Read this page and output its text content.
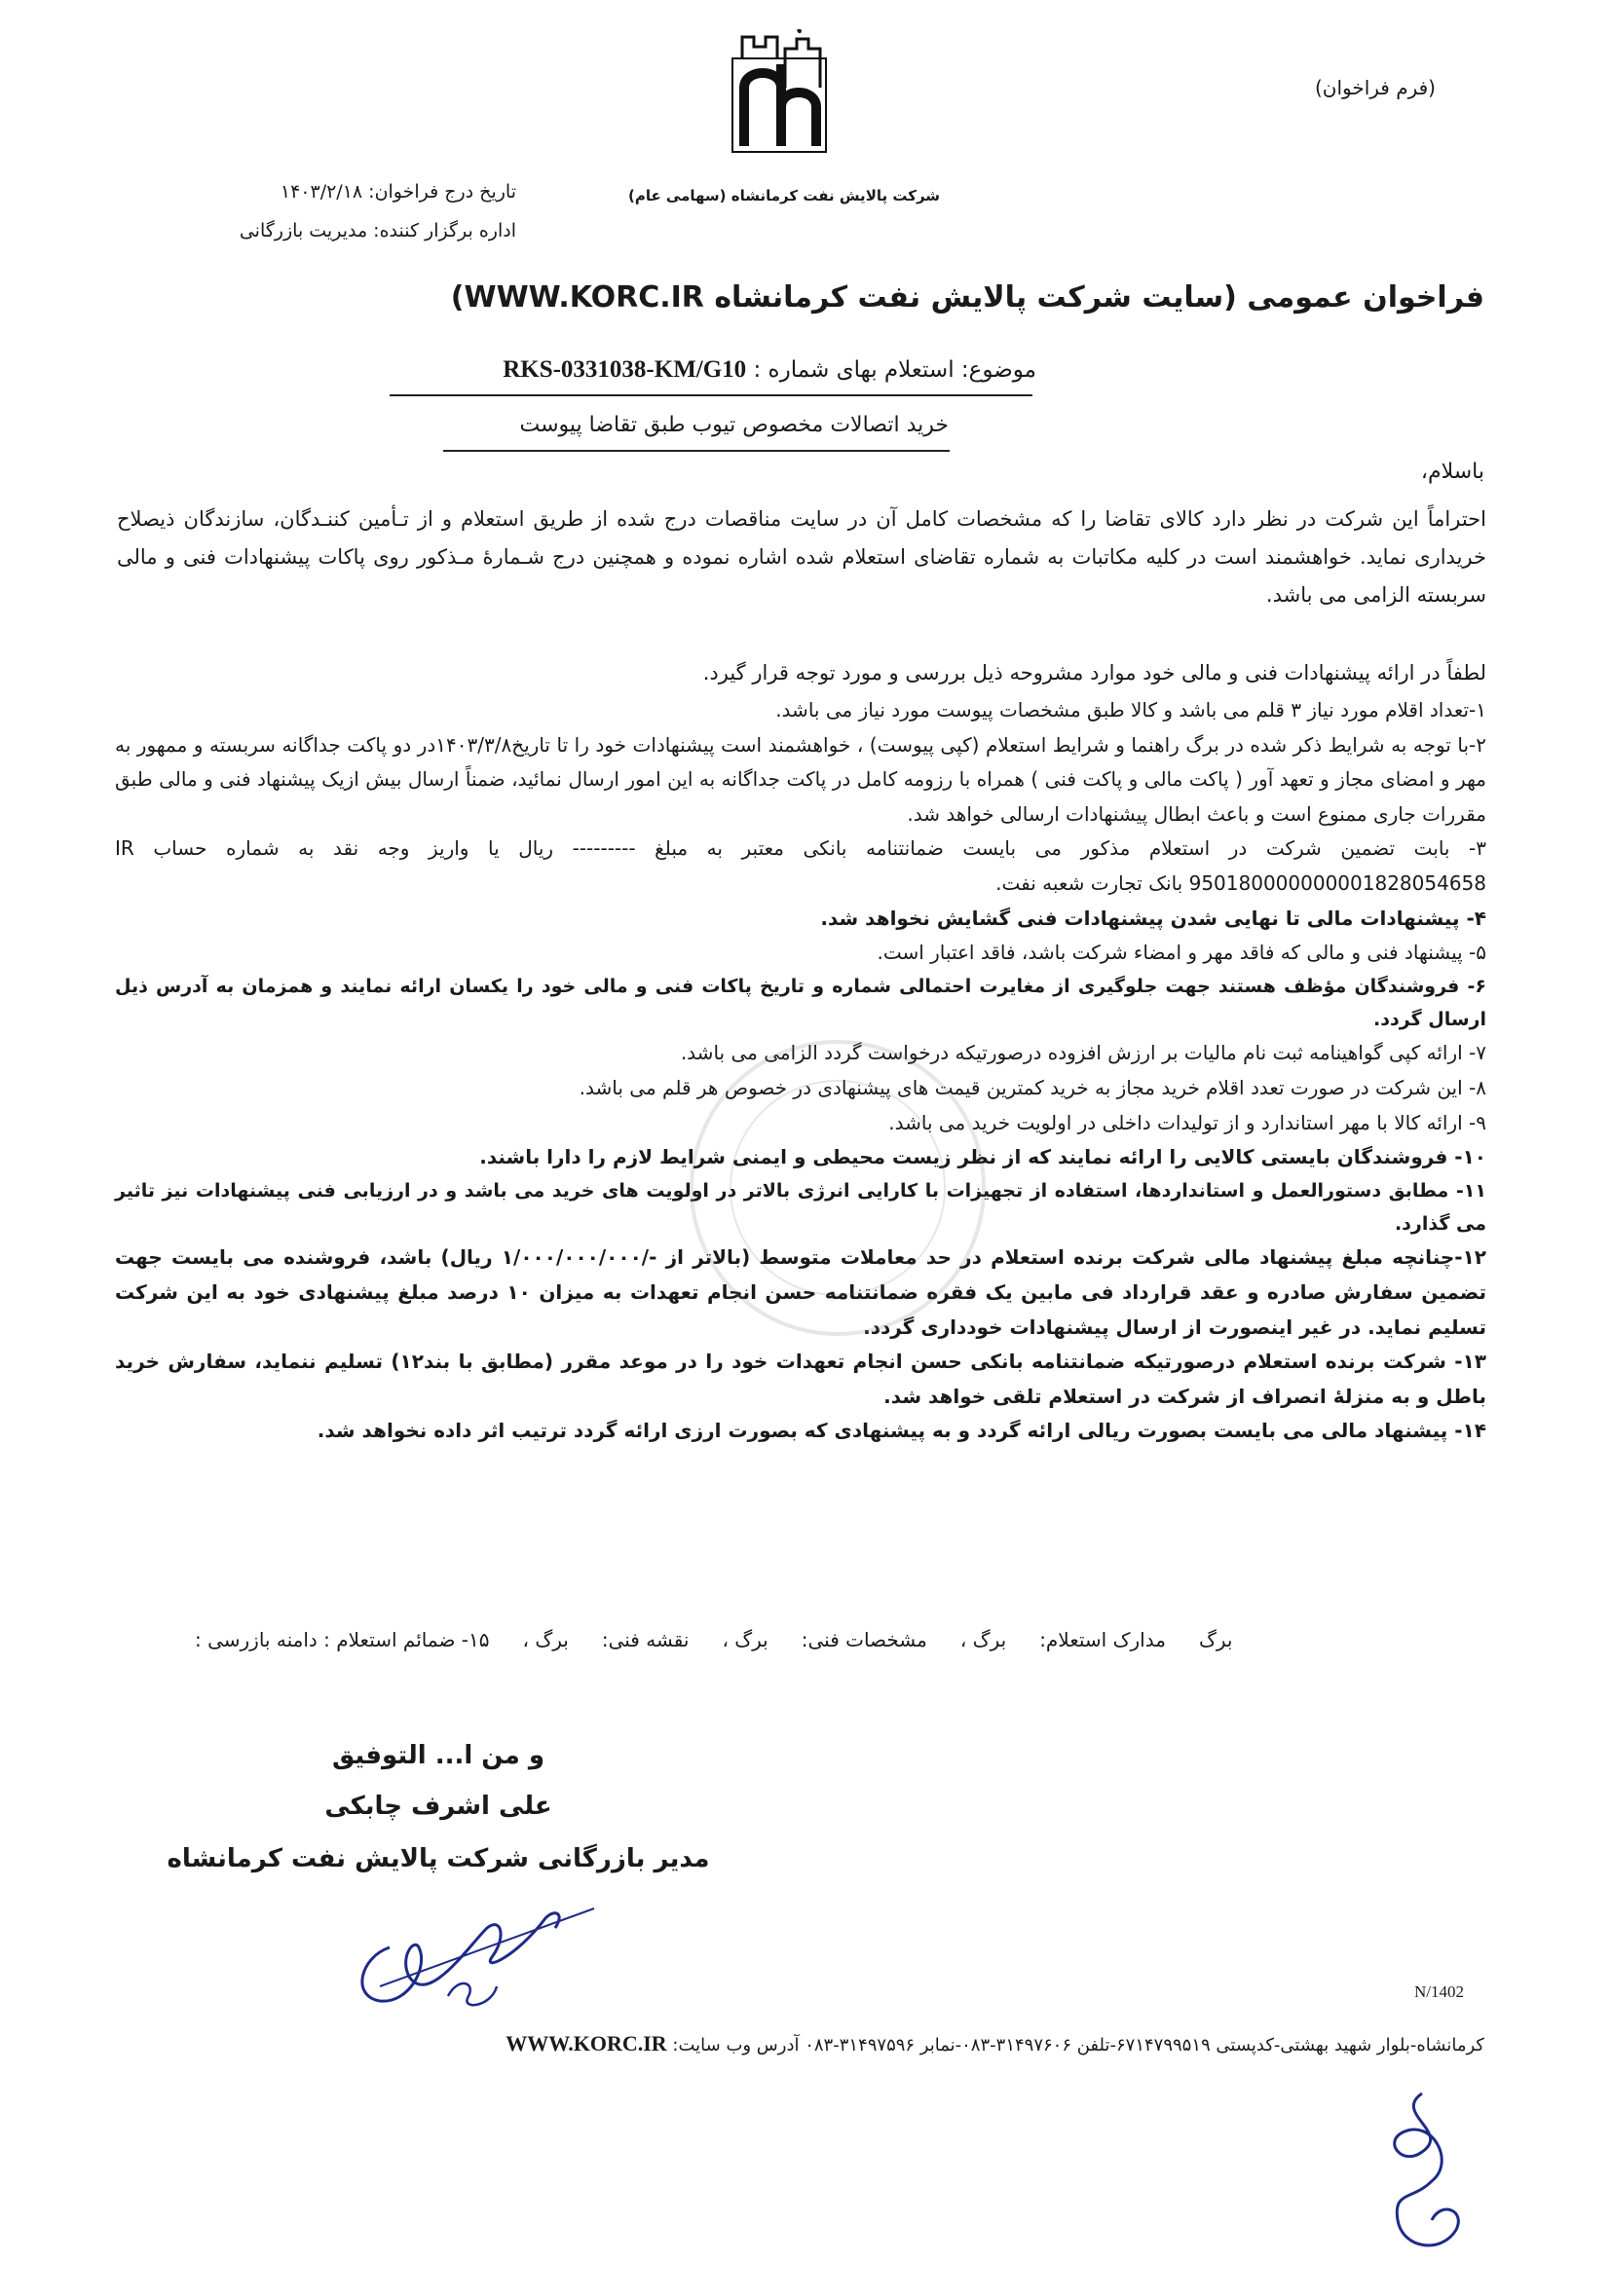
(فرم فراخوان)
شرکت پالایش نفت کرمانشاه (سهامی عام)
تاریخ درج فراخوان: ۱۴۰۳/۲/۱۸
اداره برگزار کننده: مدیریت بازرگانی
فراخوان عمومی (سایت شرکت پالایش نفت کرمانشاه WWW.KORC.IR)
موضوع: استعلام بهای شماره : RKS-0331038-KM/G10
خرید اتصالات مخصوص تیوب طبق تقاضا پیوست
باسلام،
احتراماً این شرکت در نظر دارد کالای تقاضا را که مشخصات کامل آن در سایت مناقصات درج شده از طریق استعلام و از تـأمین کننـدگان، سازندگان ذیصلاح خریداری نماید. خواهشمند است در کلیه مکاتبات به شماره تقاضای استعلام شده اشاره نموده و همچنین درج شـمارهٔ مـذکور روی پاکات پیشنهادات فنی و مالی سربسته الزامی می باشد.
لطفاً در ارائه پیشنهادات فنی و مالی خود موارد مشروحه ذیل بررسی و مورد توجه قرار گیرد.

۱-تعداد اقلام مورد نیاز ۳ قلم می باشد و کالا طبق مشخصات پیوست مورد نیاز می باشد.

۲-با توجه به شرایط ذکر شده در برگ راهنما و شرایط استعلام (کپی پیوست) ، خواهشمند است پیشنهادات خود را تا تاریخ۱۴۰۳/۳/۸در دو پاکت جداگانه سربسته و ممهور به مهر و امضای مجاز و تعهد آور ( پاکت مالی و پاکت فنی ) همراه با رزومه کامل در پاکت جداگانه به این امور ارسال نمائید، ضمناً ارسال بیش ازیک پیشنهاد فنی و مالی طبق مقررات جاری ممنوع است و باعث ابطال پیشنهادات ارسالی خواهد شد.

۳- بابت تضمین شرکت در استعلام مذکور می بایست ضمانتنامه بانکی معتبر به مبلغ --------- ریال یا واریز وجه نقد به شماره حساب IR 950180000000001828054658 بانک تجارت شعبه نفت.

۴- پیشنهادات مالی تا نهایی شدن پیشنهادات فنی گشایش نخواهد شد.

۵- پیشنهاد فنی و مالی که فاقد مهر و امضاء شرکت باشد، فاقد اعتبار است.

۶- فروشندگان مؤظف هستند جهت جلوگیری از مغایرت احتمالی شماره و تاریخ پاکات فنی و مالی خود را یکسان ارائه نمایند و همزمان به آدرس ذیل ارسال گردد.

۷- ارائه کپی گواهینامه ثبت نام مالیات بر ارزش افزوده درصورتیکه درخواست گردد الزامی می باشد.

۸- این شرکت در صورت تعدد اقلام خرید مجاز به خرید کمترین قیمت های پیشنهادی در خصوص هر قلم می باشد.

۹- ارائه کالا با مهر استاندارد و از تولیدات داخلی در اولویت خرید می باشد.

۱۰- فروشندگان بایستی کالایی را ارائه نمایند که از نظر زیست محیطی و ایمنی شرایط لازم را دارا باشند.

۱۱- مطابق دستورالعمل و استانداردها، استفاده از تجهیزات با کارایی انرژی بالاتر در اولویت های خرید می باشد و در ارزیابی فنی پیشنهادات نیز تاثیر می گذارد.

۱۲-چنانچه مبلغ پیشنهاد مالی شرکت برنده استعلام در حد معاملات متوسط (بالاتر از -/۱/۰۰۰/۰۰۰/۰۰۰ ریال) باشد، فروشنده می بایست جهت تضمین سفارش صادره و عقد قرارداد فی مابین یک فقره ضمانتنامه حسن انجام تعهدات به میزان ۱۰ درصد مبلغ پیشنهادی خود به این شرکت تسلیم نماید. در غیر اینصورت از ارسال پیشنهادات خودداری گردد.

۱۳- شرکت برنده استعلام درصورتیکه ضمانتنامه بانکی حسن انجام تعهدات خود را در موعد مقرر (مطابق با بند۱۲) تسلیم ننماید، سفارش خرید باطل و به منزلهٔ انصراف از شرکت در استعلام تلقی خواهد شد.

۱۴- پیشنهاد مالی می بایست بصورت ریالی ارائه گردد و به پیشنهادی که بصورت ارزی ارائه گردد ترتیب اثر داده نخواهد شد.

۱۵- ضمائم استعلام : دامنه بازرسی : برگ ، نقشه فنی: برگ ، مشخصات فنی: برگ ، مدارک استعلام: برگ
و من ا... التوفیق
علی اشرف چابکی
مدیر بازرگانی شرکت پالایش نفت کرمانشاه
N/1402
کرمانشاه-بلوار شهید بهشتی-کدپستی ۶۷۱۴۷۹۹۵۱۹-تلفن ۳۱۴۹۷۶۰۶-۰۸۳-نمابر ۳۱۴۹۷۵۹۶-۰۸۳ آدرس وب سایت: WWW.KORC.IR
